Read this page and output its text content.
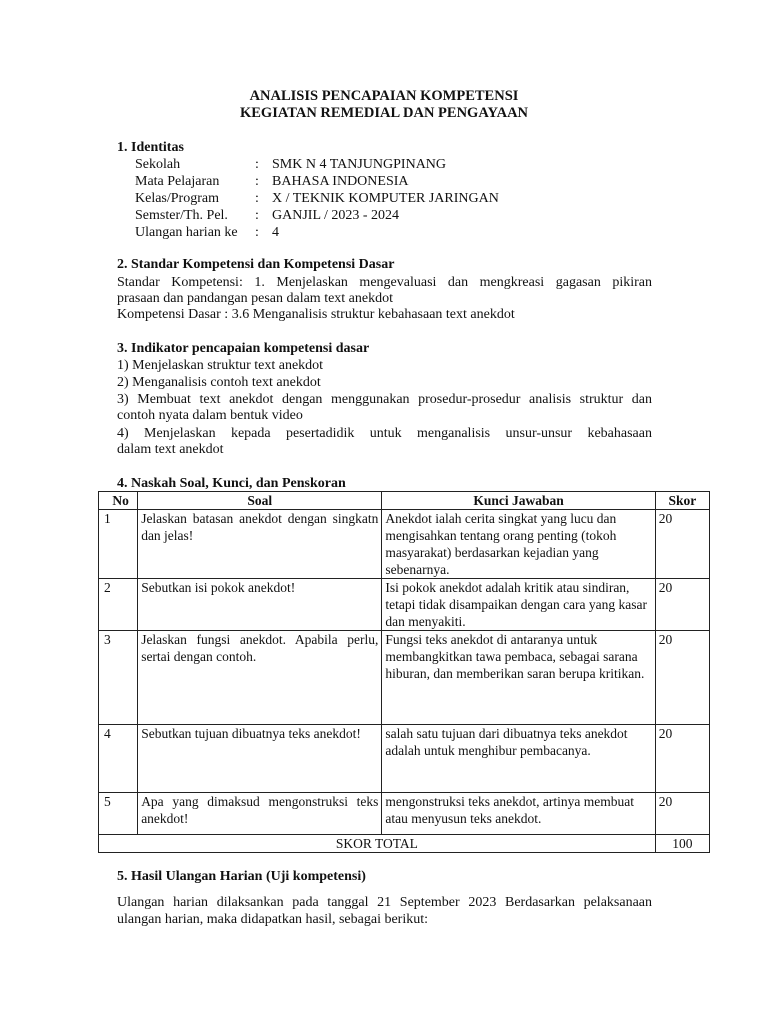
ANALISIS PENCAPAIAN KOMPETENSI
KEGIATAN REMEDIAL DAN PENGAYAAN
1. Identitas
Sekolah	: SMK N 4 TANJUNGPINANG
Mata Pelajaran	: BAHASA INDONESIA
Kelas/Program	: X / TEKNIK KOMPUTER JARINGAN
Semster/Th. Pel. : GANJIL / 2023 - 2024
Ulangan harian ke : 4
2. Standar Kompetensi dan Kompetensi Dasar
Standar Kompetensi: 1. Menjelaskan mengevaluasi dan mengkreasi gagasan pikiran
prasaan dan pandangan pesan dalam text anekdot
Kompetensi Dasar : 3.6 Menganalisis struktur kebahasaan text anekdot
3. Indikator pencapaian kompetensi dasar
1) Menjelaskan struktur text anekdot
2) Menganalisis contoh text anekdot
3) Membuat text anekdot dengan menggunakan prosedur-prosedur analisis struktur dan
contoh nyata dalam bentuk video
4) Menjelaskan kepada pesertadidik untuk menganalisis unsur-unsur kebahasaan
dalam text anekdot
4. Naskah Soal, Kunci, dan Penskoran
No	Soal	Kunci Jawaban	Skor
1	Jelaskan batasan anekdot dengan singkatn dan jelas!	Anekdot ialah cerita singkat yang lucu dan mengisahkan tentang orang penting (tokoh masyarakat) berdasarkan kejadian yang sebenarnya.	20
2	Sebutkan isi pokok anekdot!	Isi pokok anekdot adalah kritik atau sindiran, tetapi tidak disampaikan dengan cara yang kasar dan menyakiti.	20
3	Jelaskan fungsi anekdot. Apabila perlu, sertai dengan contoh.	Fungsi teks anekdot di antaranya untuk membangkitkan tawa pembaca, sebagai sarana hiburan, dan memberikan saran berupa kritikan.	20
4	Sebutkan tujuan dibuatnya teks anekdot!	salah satu tujuan dari dibuatnya teks anekdot adalah untuk menghibur pembacanya.	20
5	Apa yang dimaksud mengonstruksi teks anekdot!	mengonstruksi teks anekdot, artinya membuat atau menyusun teks anekdot.	20
SKOR TOTAL			100
5. Hasil Ulangan Harian (Uji kompetensi)
Ulangan harian dilaksankan pada tanggal 21 September 2023 Berdasarkan pelaksanaan
ulangan harian, maka didapatkan hasil, sebagai berikut:
